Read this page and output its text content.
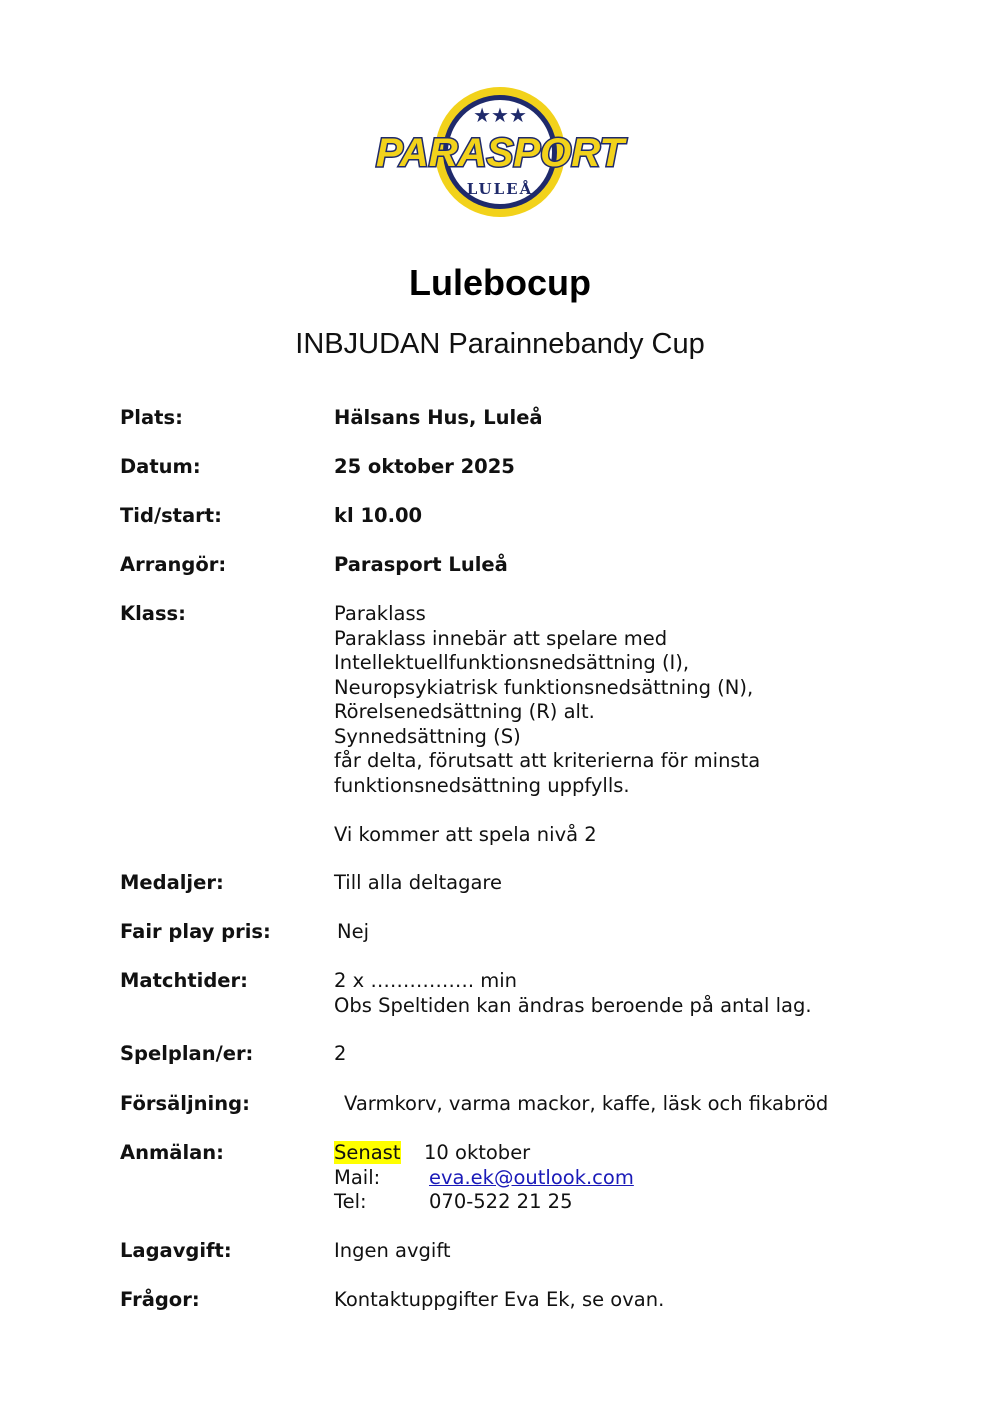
★★★
PARASPORT
LULEÅ
Lulebocup
INBJUDAN Parainnebandy Cup
Plats:	Hälsans Hus, Luleå
Datum:	25 oktober 2025
Tid/start:	kl 10.00
Arrangör:	Parasport Luleå
Klass:	Paraklass
Paraklass innebär att spelare med
Intellektuellfunktionsnedsättning (I),
Neuropsykiatrisk funktionsnedsättning (N),
Rörelsenedsättning (R) alt.
Synnedsättning (S)
får delta, förutsatt att kriterierna för minsta
funktionsnedsättning uppfylls.
Vi kommer att spela nivå 2
Medaljer:	Till alla deltagare
Fair play pris:	Nej
Matchtider:	2 x ……………. min
Obs Speltiden kan ändras beroende på antal lag.
Spelplan/er:	2
Försäljning:	Varmkorv, varma mackor, kaffe, läsk och fikabröd
Anmälan:	Senast 10 oktober
Mail:	eva.ek@outlook.com
Tel:	070-522 21 25
Lagavgift:	Ingen avgift
Frågor:	Kontaktuppgifter Eva Ek, se ovan.
